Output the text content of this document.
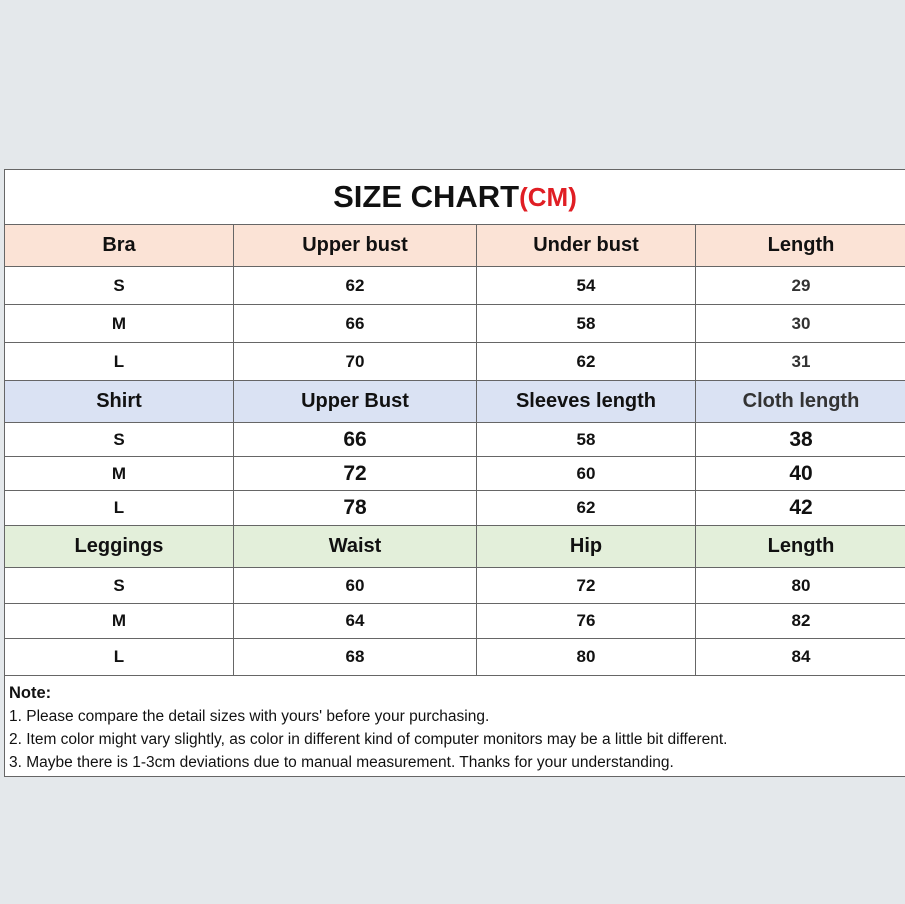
SIZE CHART (CM)
Bra	Upper bust	Under bust	Length
S	62	54	29
M	66	58	30
L	70	62	31
Shirt	Upper Bust	Sleeves length	Cloth length
S	66	58	38
M	72	60	40
L	78	62	42
Leggings	Waist	Hip	Length
S	60	72	80
M	64	76	82
L	68	80	84
Note:
1. Please compare the detail sizes with yours' before your purchasing.
2. Item color might vary slightly, as color in different kind of computer monitors may be a little bit different.
3. Maybe there is 1-3cm deviations due to manual measurement. Thanks for your understanding.
